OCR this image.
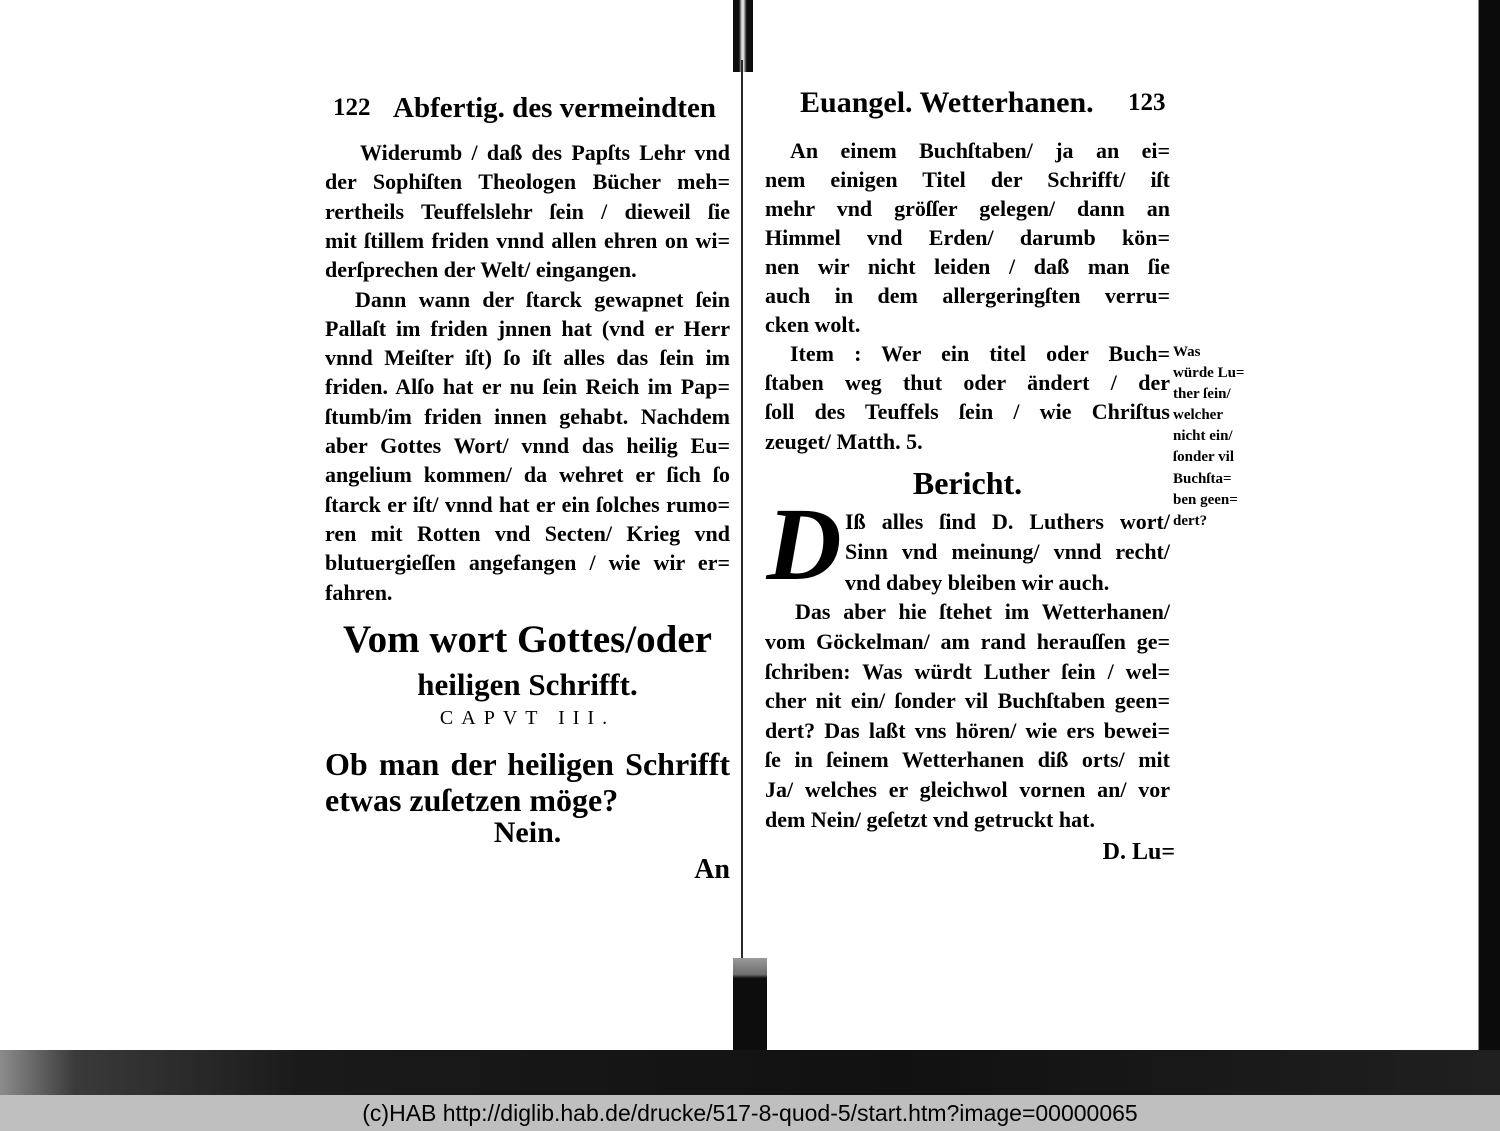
122 Abfertig. des vermeindten
Widerumb / daß des Papſts Lehr vnd
der Sophiſten Theologen Bücher meh=
rertheils Teuffelslehr ſein / dieweil ſie
mit ſtillem friden vnnd allen ehren on wi=
derſprechen der Welt/ eingangen.
Dann wann der ſtarck gewapnet ſein
Pallaſt im friden jnnen hat (vnd er Herr
vnnd Meiſter iſt) ſo iſt alles das ſein im
friden. Alſo hat er nu ſein Reich im Pap=
ſtumb/im friden innen gehabt. Nachdem
aber Gottes Wort/ vnnd das heilig Eu=
angelium kommen/ da wehret er ſich ſo
ſtarck er iſt/ vnnd hat er ein ſolches rumo=
ren mit Rotten vnd Secten/ Krieg vnd
blutuergieſſen angefangen / wie wir er=
fahren.
Vom wort Gottes/oder
heiligen Schrifft.
CAPVT III.
Ob man der heiligen Schrifft
etwas zuſetzen möge?
Nein.
An
Euangel. Wetterhanen. 123
An einem Buchſtaben/ ja an ei=
nem einigen Titel der Schrifft/ iſt
mehr vnd gröſſer gelegen/ dann an
Himmel vnd Erden/ darumb kön=
nen wir nicht leiden / daß man ſie
auch in dem allergeringſten verru=
cken wolt.
Item : Wer ein titel oder Buch=
ſtaben weg thut oder ändert / der
ſoll des Teuffels ſein / wie Chriſtus
zeuget/ Matth. 5.
Bericht.
D Iß alles ſind D. Luthers wort/
Sinn vnd meinung/ vnnd recht/
vnd dabey bleiben wir auch.
Das aber hie ſtehet im Wetterhanen/
vom Göckelman/ am rand herauſſen ge=
ſchriben: Was würdt Luther ſein / wel=
cher nit ein/ ſonder vil Buchſtaben geen=
dert? Das laßt vns hören/ wie ers bewei=
ſe in ſeinem Wetterhanen diß orts/ mit
Ja/ welches er gleichwol vornen an/ vor
dem Nein/ geſetzt vnd getruckt hat.
D. Lu=
Was
würde Lu=
ther ſein/
welcher
nicht ein/
ſonder vil
Buchſta=
ben geen=
dert?
(c)HAB http://diglib.hab.de/drucke/517-8-quod-5/start.htm?image=00000065
